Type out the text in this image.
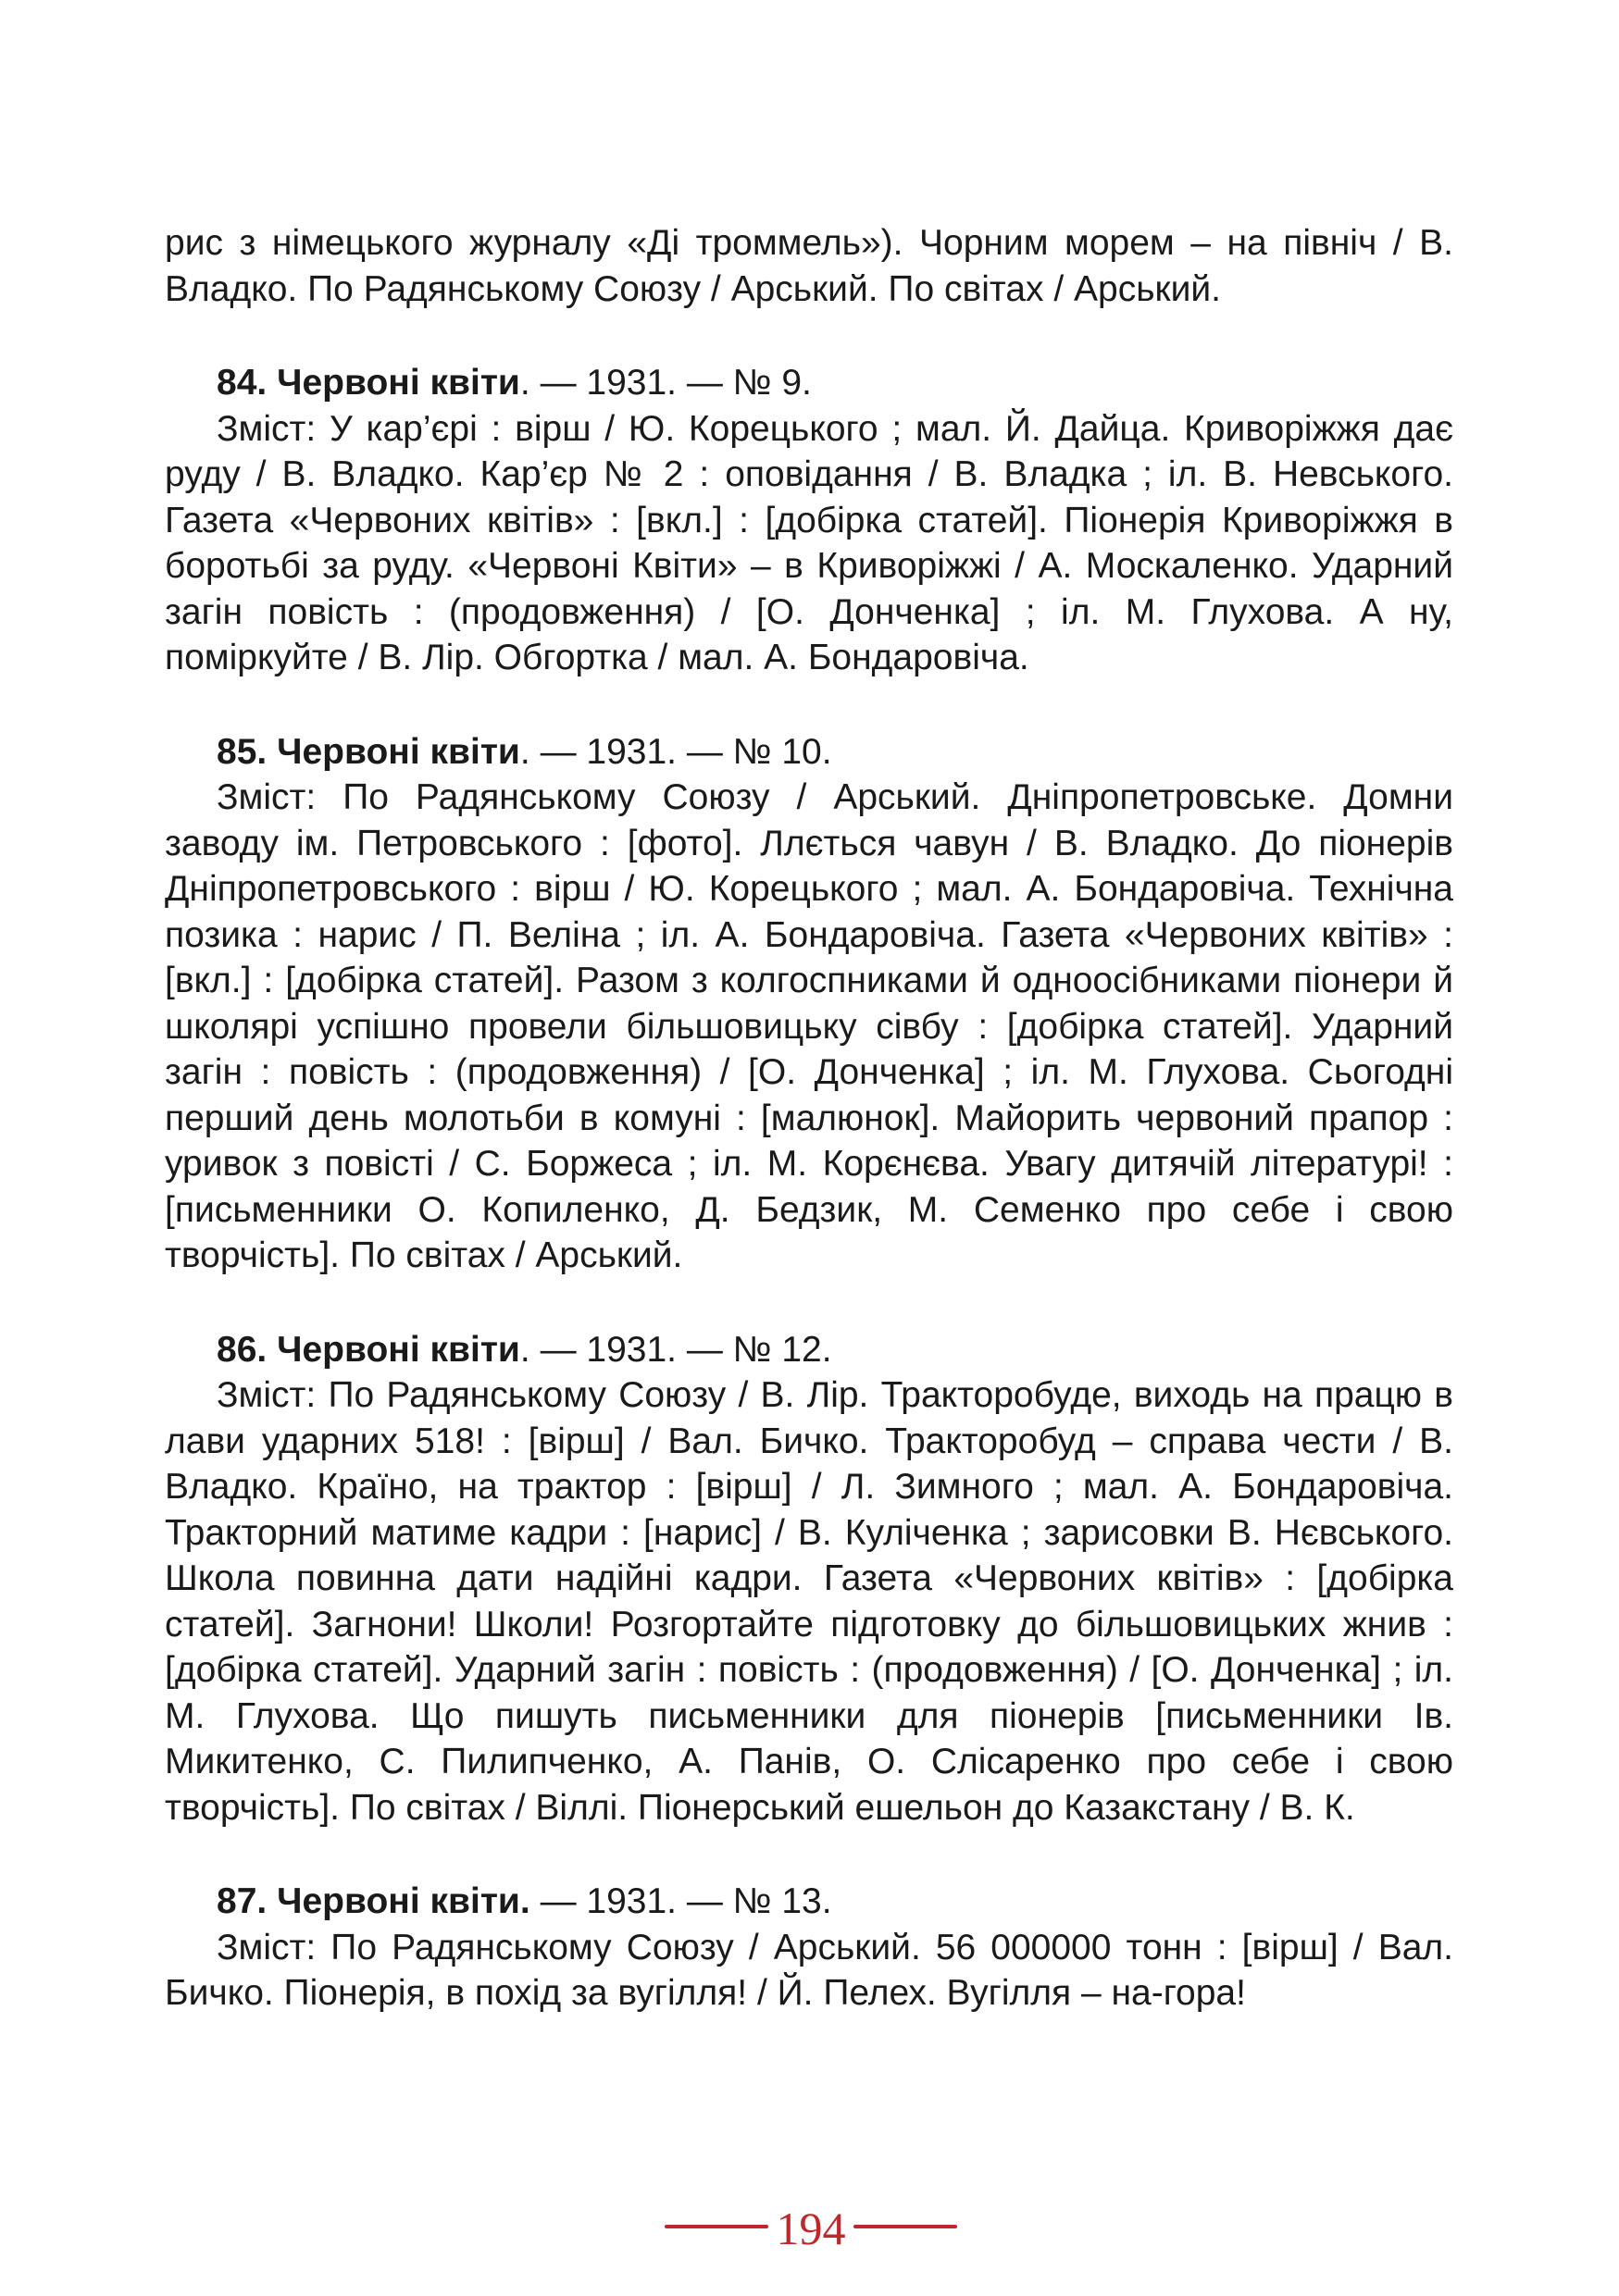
рис з німецького журналу «Ді троммель»). Чорним морем – на північ / В. Владко. По Радянському Союзу / Арський. По світах / Арський.

84. Червоні квіти. — 1931. — № 9.

Зміст: У кар’єрі : вірш / Ю. Корецького ; мал. Й. Дайца. Криворіжжя дає руду / В. Владко. Кар’єр № 2 : оповідання / В. Владка ; іл. В. Невського. Газета «Червоних квітів» : [вкл.] : [добірка статей]. Піонерія Криворіжжя в боротьбі за руду. «Червоні Квіти» – в Криворіжжі / А. Москаленко. Ударний загін повість : (продовження) / [О. Донченка] ; іл. М. Глухова. А ну, поміркуйте / В. Лір. Обгортка / мал. А. Бондаровіча.

85. Червоні квіти. — 1931. — № 10.

Зміст: По Радянському Союзу / Арський. Дніпропетровське. Домни заводу ім. Петровського : [фото]. Ллється чавун / В. Владко. До піонерів Дніпропетровського : вірш / Ю. Корецького ; мал. А. Бондаровіча. Технічна позика : нарис / П. Веліна ; іл. А. Бондаровіча. Газета «Червоних квітів» : [вкл.] : [добірка статей]. Разом з колгоспниками й одноосібниками піонери й школярі успішно провели більшовицьку сівбу : [добірка статей]. Ударний загін : повість : (продовження) / [О. Донченка] ; іл. М. Глухова. Сьогодні перший день молотьби в комуні : [малюнок]. Майорить червоний прапор : уривок з повісті / С. Боржеса ; іл. М. Корєнєва. Увагу дитячій літературі! : [письменники О. Копиленко, Д. Бедзик, М. Семенко про себе і свою творчість]. По світах / Арський.

86. Червоні квіти. — 1931. — № 12.

Зміст: По Радянському Союзу / В. Лір. Тракторобуде, виходь на працю в лави ударних 518! : [вірш] / Вал. Бичко. Тракторобуд – справа чести / В. Владко. Країно, на трактор : [вірш] / Л. Зимного ; мал. А. Бондаровіча. Тракторний матиме кадри : [нарис] / В. Куліченка ; зарисовки В. Нєвського. Школа повинна дати надійні кадри. Газета «Червоних квітів» : [добірка статей]. Загнони! Школи! Розгортайте підготовку до більшовицьких жнив : [добірка статей]. Ударний загін : повість : (продовження) / [О. Донченка] ; іл. М. Глухова. Що пишуть письменники для піонерів [письменники Ів. Микитенко, С. Пилипченко, А. Панів, О. Слісаренко про себе і свою творчість]. По світах / Віллі. Піонерський ешельон до Казакстану / В. К.

87. Червоні квіти. — 1931. — № 13.

Зміст: По Радянському Союзу / Арський. 56 000000 тонн : [вірш] / Вал. Бичко. Піонерія, в похід за вугілля! / Й. Пелех. Вугілля – на-гора!

194
